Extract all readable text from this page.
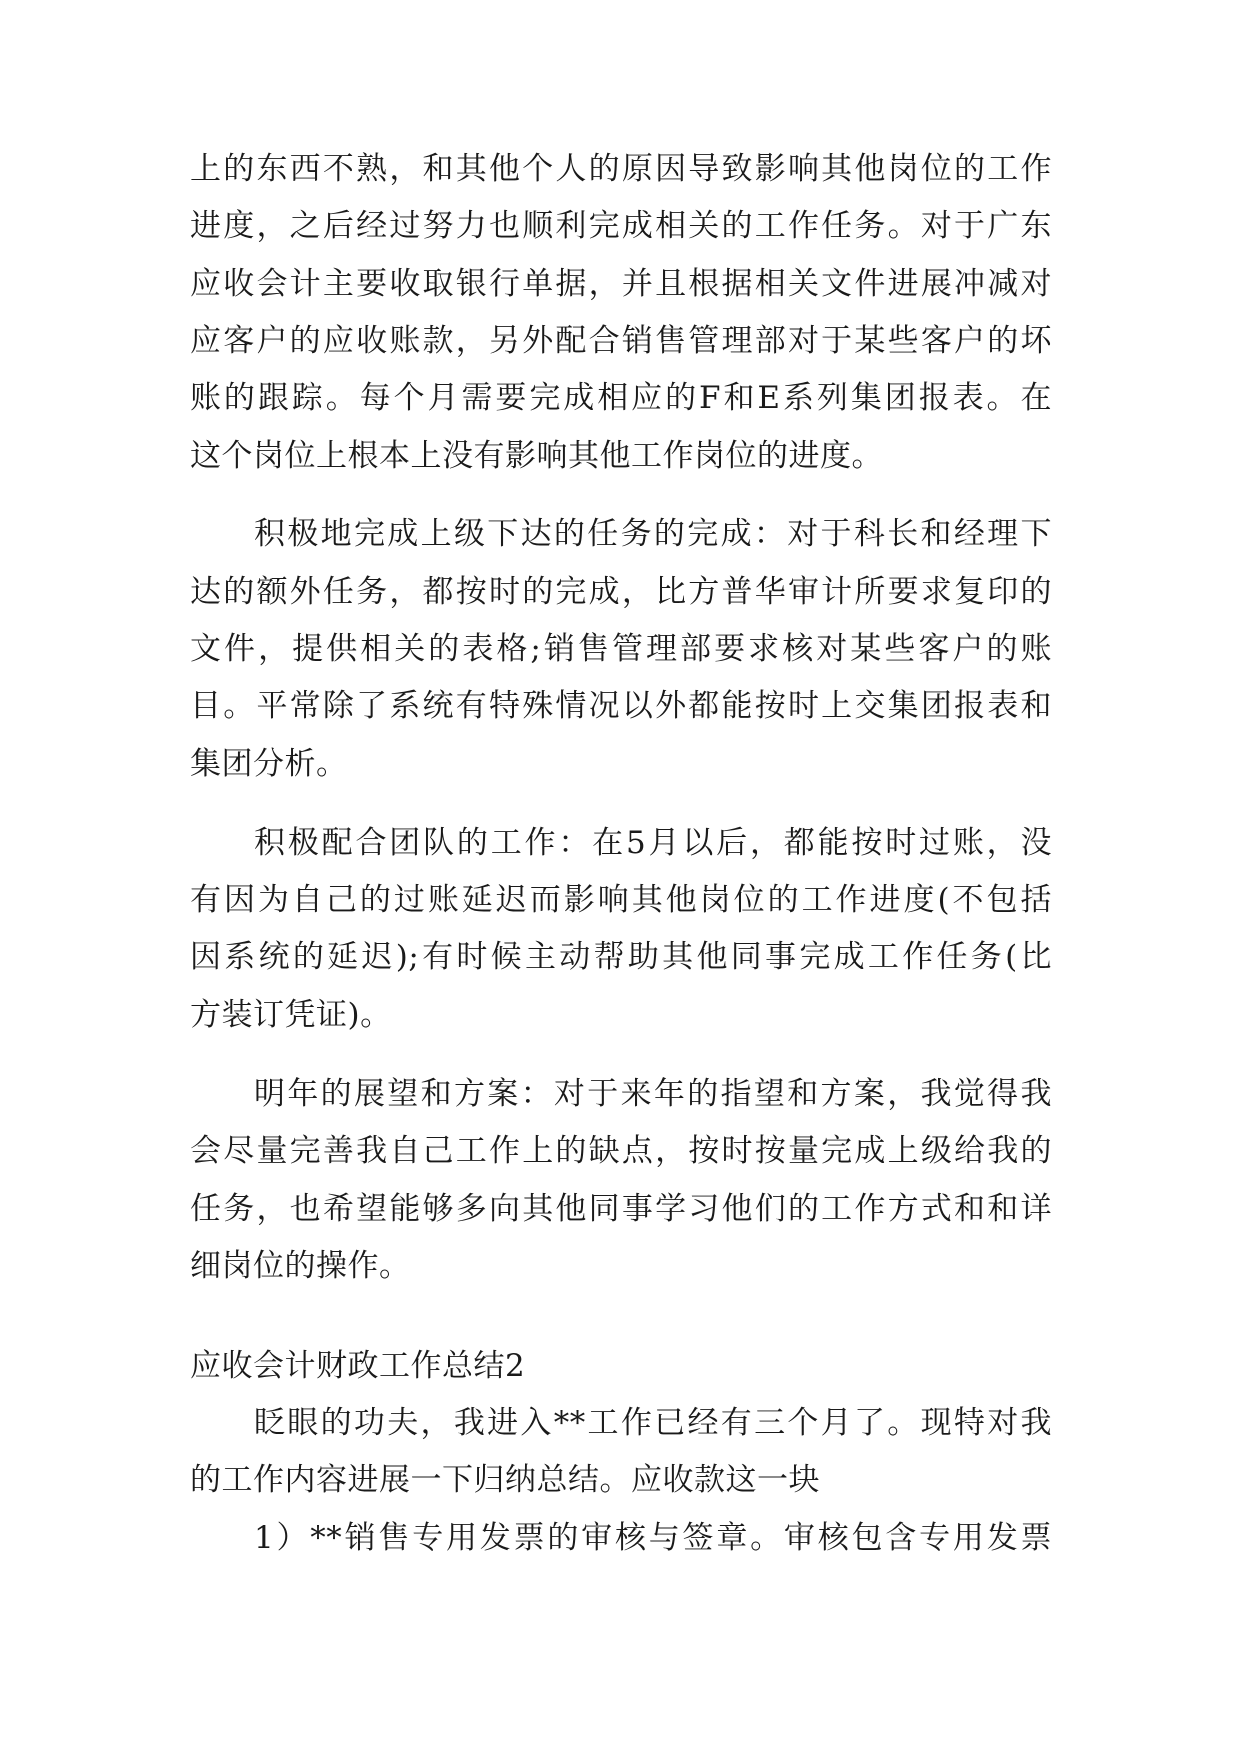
上的东西不熟，和其他个人的原因导致影响其他岗位的工作
进度，之后经过努力也顺利完成相关的工作任务。对于广东
应收会计主要收取银行单据，并且根据相关文件进展冲减对
应客户的应收账款，另外配合销售管理部对于某些客户的坏
账的跟踪。每个月需要完成相应的F和E系列集团报表。在
这个岗位上根本上没有影响其他工作岗位的进度。
积极地完成上级下达的任务的完成：对于科长和经理下
达的额外任务，都按时的完成，比方普华审计所要求复印的
文件，提供相关的表格;销售管理部要求核对某些客户的账
目。平常除了系统有特殊情况以外都能按时上交集团报表和
集团分析。
积极配合团队的工作：在5月以后，都能按时过账，没
有因为自己的过账延迟而影响其他岗位的工作进度(不包括
因系统的延迟);有时候主动帮助其他同事完成工作任务(比
方装订凭证)。
明年的展望和方案：对于来年的指望和方案，我觉得我
会尽量完善我自己工作上的缺点，按时按量完成上级给我的
任务，也希望能够多向其他同事学习他们的工作方式和和详
细岗位的操作。
应收会计财政工作总结2
眨眼的功夫，我进入**工作已经有三个月了。现特对我
的工作内容进展一下归纳总结。应收款这一块
1）**销售专用发票的审核与签章。审核包含专用发票
